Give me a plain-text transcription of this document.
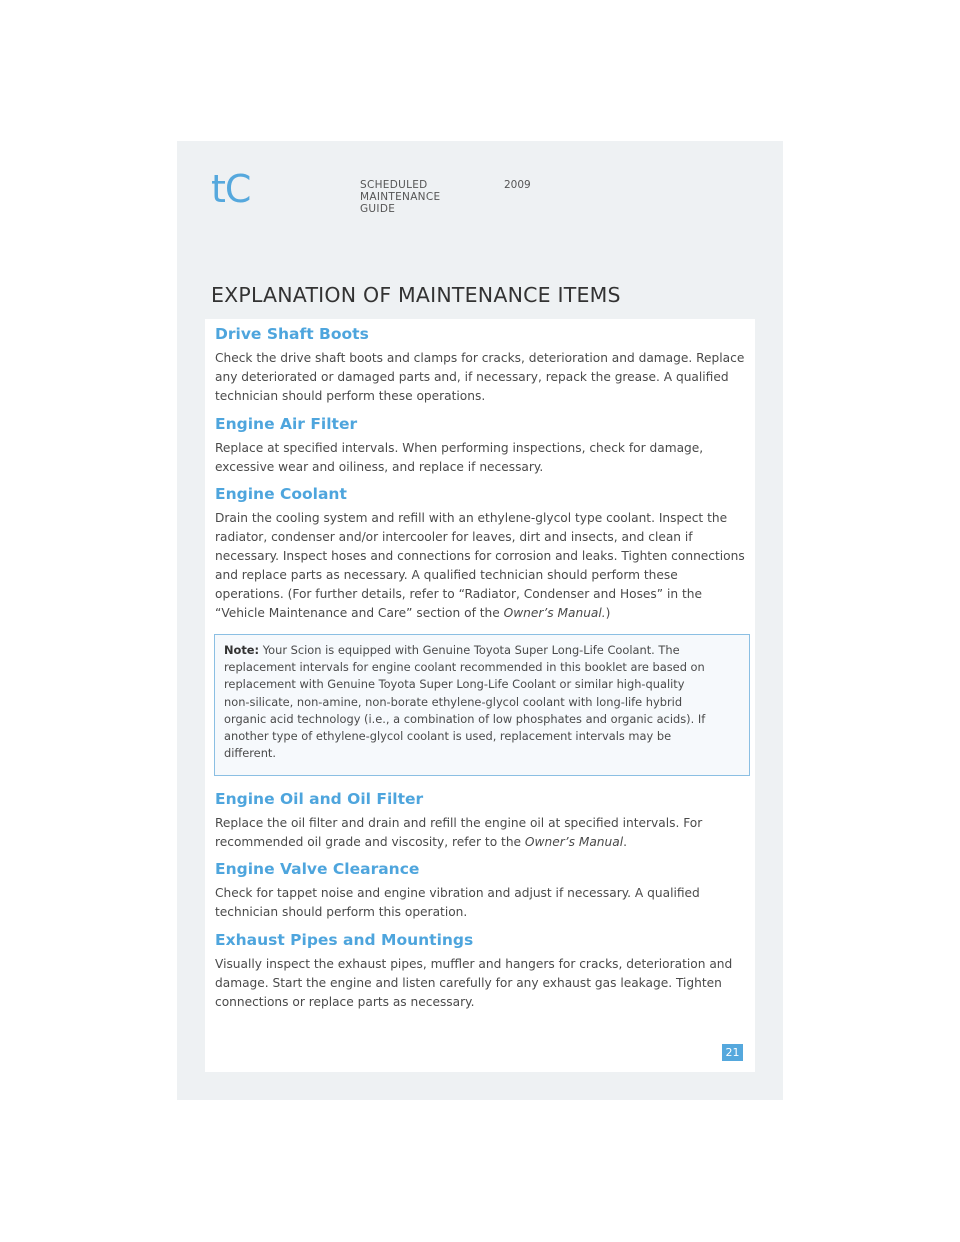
tC	SCHEDULED
MAINTENANCE
GUIDE
2009
EXPLANATION OF MAINTENANCE ITEMS
Drive Shaft Boots

Check the drive shaft boots and clamps for cracks, deterioration and damage. Replace
any deteriorated or damaged parts and, if necessary, repack the grease. A qualified
technician should perform these operations.

Engine Air Filter

Replace at specified intervals. When performing inspections, check for damage,
excessive wear and oiliness, and replace if necessary.

Engine Coolant

Drain the cooling system and refill with an ethylene-glycol type coolant. Inspect the
radiator, condenser and/or intercooler for leaves, dirt and insects, and clean if
necessary. Inspect hoses and connections for corrosion and leaks. Tighten connections
and replace parts as necessary. A qualified technician should perform these
operations. (For further details, refer to “Radiator, Condenser and Hoses” in the
“Vehicle Maintenance and Care” section of the Owner’s Manual.)

Note: Your Scion is equipped with Genuine Toyota Super Long-Life Coolant. The
replacement intervals for engine coolant recommended in this booklet are based on
replacement with Genuine Toyota Super Long-Life Coolant or similar high-quality
non-silicate, non-amine, non-borate ethylene-glycol coolant with long-life hybrid
organic acid technology (i.e., a combination of low phosphates and organic acids). If
another type of ethylene-glycol coolant is used, replacement intervals may be
different.
Engine Oil and Oil Filter

Replace the oil filter and drain and refill the engine oil at specified intervals. For
recommended oil grade and viscosity, refer to the Owner’s Manual.

Engine Valve Clearance

Check for tappet noise and engine vibration and adjust if necessary. A qualified
technician should perform this operation.

Exhaust Pipes and Mountings

Visually inspect the exhaust pipes, muffler and hangers for cracks, deterioration and
damage. Start the engine and listen carefully for any exhaust gas leakage. Tighten
connections or replace parts as necessary.

21
